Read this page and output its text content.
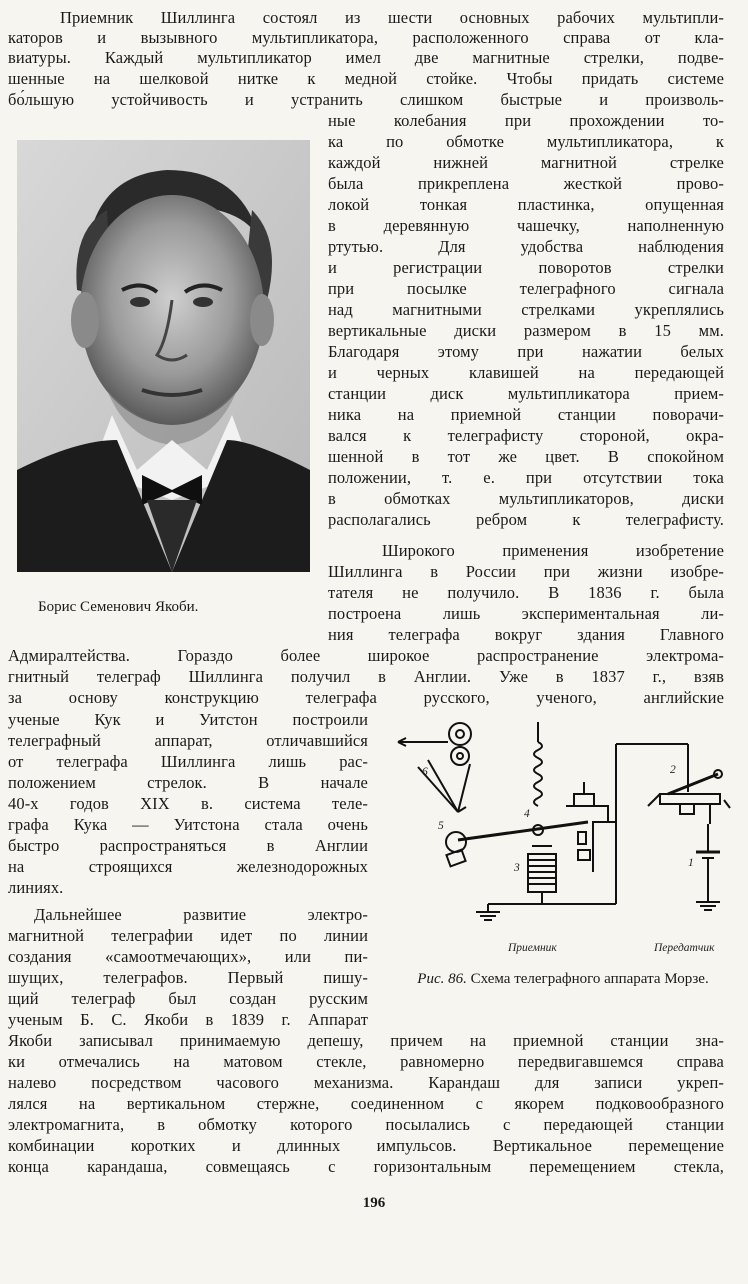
Приемник Шиллинга состоял из шести основных рабочих мультипли-
каторов и вызывного мультипликатора, расположенного справа от кла-
виатуры. Каждый мультипликатор имел две магнитные стрелки, подве-
шенные на шелковой нитке к медной стойке. Чтобы придать системе
бо́льшую устойчивость и устранить слишком быстрые и произволь-
ные колебания при прохождении то-
ка по обмотке мультипликатора, к
каждой нижней магнитной стрелке
была прикреплена жесткой прово-
локой тонкая пластинка, опущенная
в деревянную чашечку, наполненную
ртутью. Для удобства наблюдения
и регистрации поворотов стрелки
при посылке телеграфного сигнала
над магнитными стрелками укреплялись
вертикальные диски размером в 15 мм.
Благодаря этому при нажатии белых
и черных клавишей на передающей
станции диск мультипликатора прием-
ника на приемной станции поворачи-
вался к телеграфисту стороной, окра-
шенной в тот же цвет. В спокойном
положении, т. е. при отсутствии тока
в обмотках мультипликаторов, диски
располагались ребром к телеграфисту.
Борис Семенович Якоби.
Широкого применения изобретение
Шиллинга в России при жизни изобре-
тателя не получило. В 1836 г. была
построена лишь экспериментальная ли-
ния телеграфа вокруг здания Главного
Адмиралтейства. Гораздо более широкое распространение электрома-
гнитный телеграф Шиллинга получил в Англии. Уже в 1837 г., взяв
за основу конструкцию телеграфа русского, ученого, английские
ученые Кук и Уитстон построили
телеграфный аппарат, отличавшийся
от телеграфа Шиллинга лишь рас-
положением стрелок. В начале
40-х годов XIX в. система теле-
графа Кука — Уитстона стала очень
быстро распространяться в Англии
на строящихся железнодорожных
линиях.
1
2
3
4
5
6
Приемник	Передатчик
Рис. 86. Схема телеграфного аппарата Морзе.
Дальнейшее развитие электро-
магнитной телеграфии идет по линии
создания «самоотмечающих», или пи-
шущих, телеграфов. Первый пишу-
щий телеграф был создан русским
ученым Б. С. Якоби в 1839 г. Аппарат
Якоби записывал принимаемую депешу, причем на приемной станции зна-
ки отмечались на матовом стекле, равномерно передвигавшемся справа
налево посредством часового механизма. Карандаш для записи укреп-
лялся на вертикальном стержне, соединенном с якорем подковообразного
электромагнита, в обмотку которого посылались с передающей станции
комбинации коротких и длинных импульсов. Вертикальное перемещение
конца карандаша, совмещаясь с горизонтальным перемещением стекла,
196
